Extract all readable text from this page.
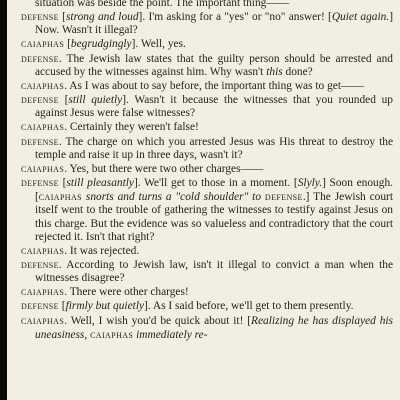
situation was beside the point. The important thing——

defense [strong and loud]. I'm asking for a "yes" or "no" answer! [Quiet again.] Now. Wasn't it illegal?

caiaphas [begrudgingly]. Well, yes.

defense. The Jewish law states that the guilty person should be arrested and accused by the witnesses against him. Why wasn't this done?

caiaphas. As I was about to say before, the important thing was to get——

defense [still quietly]. Wasn't it because the witnesses that you rounded up against Jesus were false witnesses?

caiaphas. Certainly they weren't false!

defense. The charge on which you arrested Jesus was His threat to destroy the temple and raise it up in three days, wasn't it?

caiaphas. Yes, but there were two other charges——

defense [still pleasantly]. We'll get to those in a moment. [Slyly.] Soon enough. [caiaphas snorts and turns a "cold shoulder" to defense.] The Jewish court itself went to the trouble of gathering the witnesses to testify against Jesus on this charge. But the evidence was so valueless and contradictory that the court rejected it. Isn't that right?

caiaphas. It was rejected.

defense. According to Jewish law, isn't it illegal to convict a man when the witnesses disagree?

caiaphas. There were other charges!

defense [firmly but quietly]. As I said before, we'll get to them presently.

caiaphas. Well, I wish you'd be quick about it! [Realizing he has displayed his uneasiness, caiaphas immediately re-
